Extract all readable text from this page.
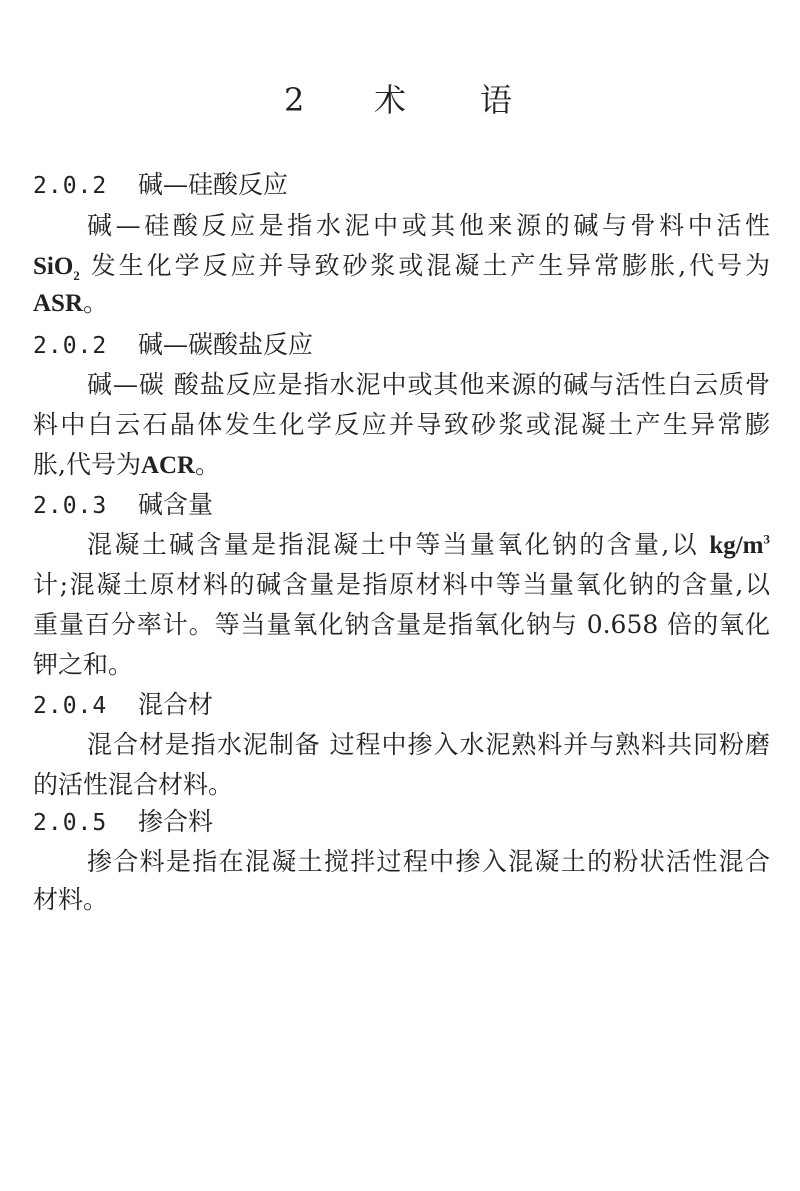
2 术 语
2.0.2 碱—硅酸反应
碱—硅酸反应是指水泥中或其他来源的碱与骨料中活性
SiO$_2$ 发生化学反应并导致砂浆或混凝土产生异常膨胀,代号为
ASR。
2.0.2 碱—碳酸盐反应
碱—碳 酸盐反应是指水泥中或其他来源的碱与活性白云质骨
料中白云石晶体发生化学反应并导致砂浆或混凝土产生异常膨
胀,代号为ACR。
2.0.3 碱含量
混凝土碱含量是指混凝土中等当量氧化钠的含量,以 $kg/m^3$
计;混凝土原材料的碱含量是指原材料中等当量氧化钠的含量,以
重量百分率计。等当量氧化钠含量是指氧化钠与 0.658 倍的氧化
钾之和。
2.0.4 混合材
混合材是指水泥制备 过程中掺入水泥熟料并与熟料共同粉磨
的活性混合材料。
2.0.5 掺合料
掺合料是指在混凝土搅拌过程中掺入混凝土的粉状活性混合
材料。
